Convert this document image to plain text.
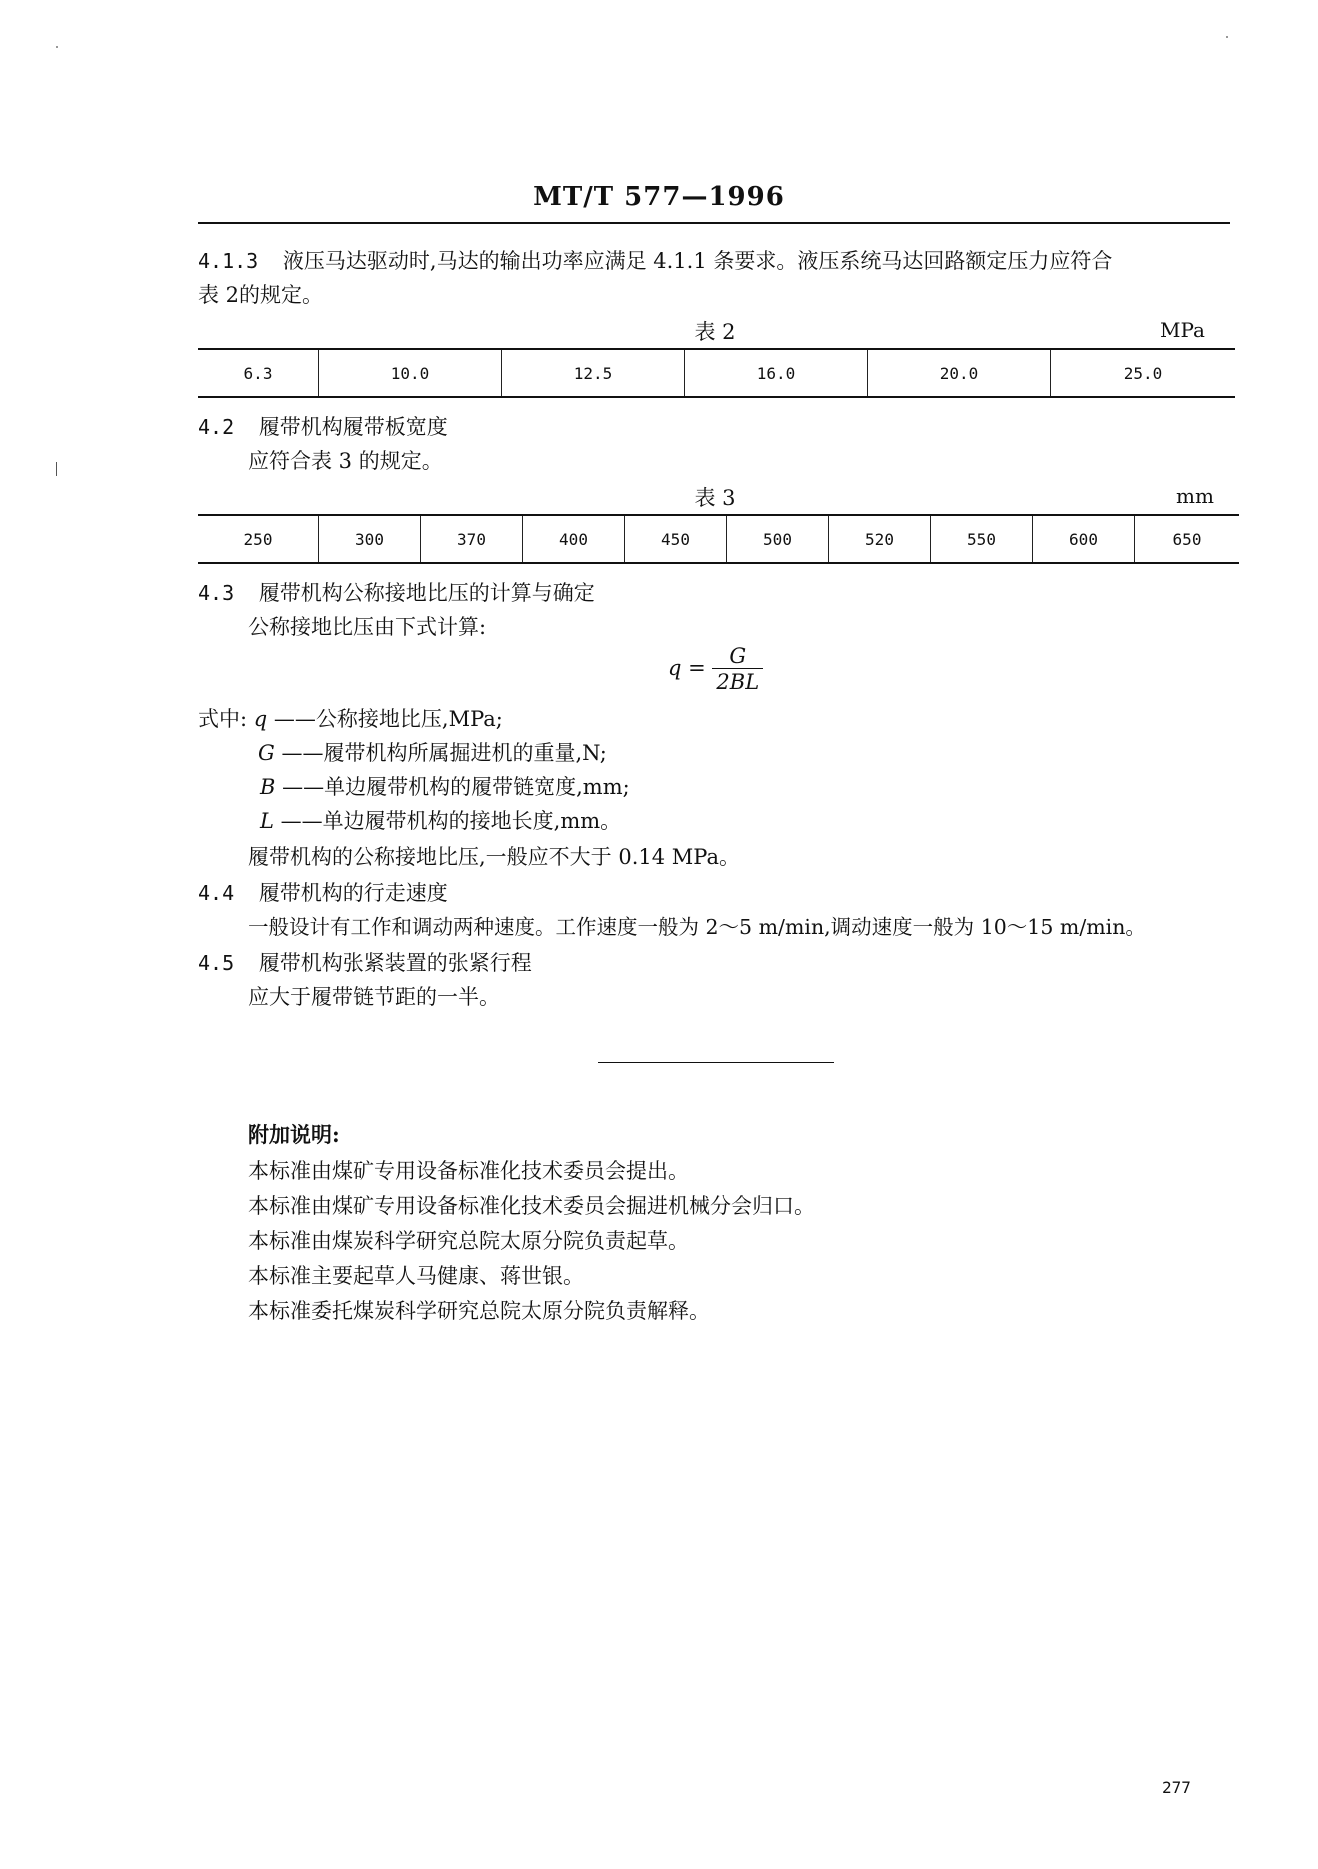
MT/T 577—1996
4.1.3 液压马达驱动时,马达的输出功率应满足 4.1.1 条要求。液压系统马达回路额定压力应符合
表 2的规定。
表 2	MPa
6.3	10.0	12.5	16.0	20.0	25.0
4.2 履带机构履带板宽度
应符合表 3 的规定。
表 3	mm
250	300	370	400	450	500	520	550	600	650
4.3 履带机构公称接地比压的计算与确定
公称接地比压由下式计算:
$q = \frac{G}{2BL}$
式中: q ——公称接地比压,MPa;
G ——履带机构所属掘进机的重量,N;
B ——单边履带机构的履带链宽度,mm;
L ——单边履带机构的接地长度,mm。
履带机构的公称接地比压,一般应不大于 0.14 MPa。
4.4 履带机构的行走速度
一般设计有工作和调动两种速度。工作速度一般为 2～5 m/min,调动速度一般为 10～15 m/min。
4.5 履带机构张紧装置的张紧行程
应大于履带链节距的一半。
附加说明:
本标准由煤矿专用设备标准化技术委员会提出。
本标准由煤矿专用设备标准化技术委员会掘进机械分会归口。
本标准由煤炭科学研究总院太原分院负责起草。
本标准主要起草人马健康、蒋世银。
本标准委托煤炭科学研究总院太原分院负责解释。
277
